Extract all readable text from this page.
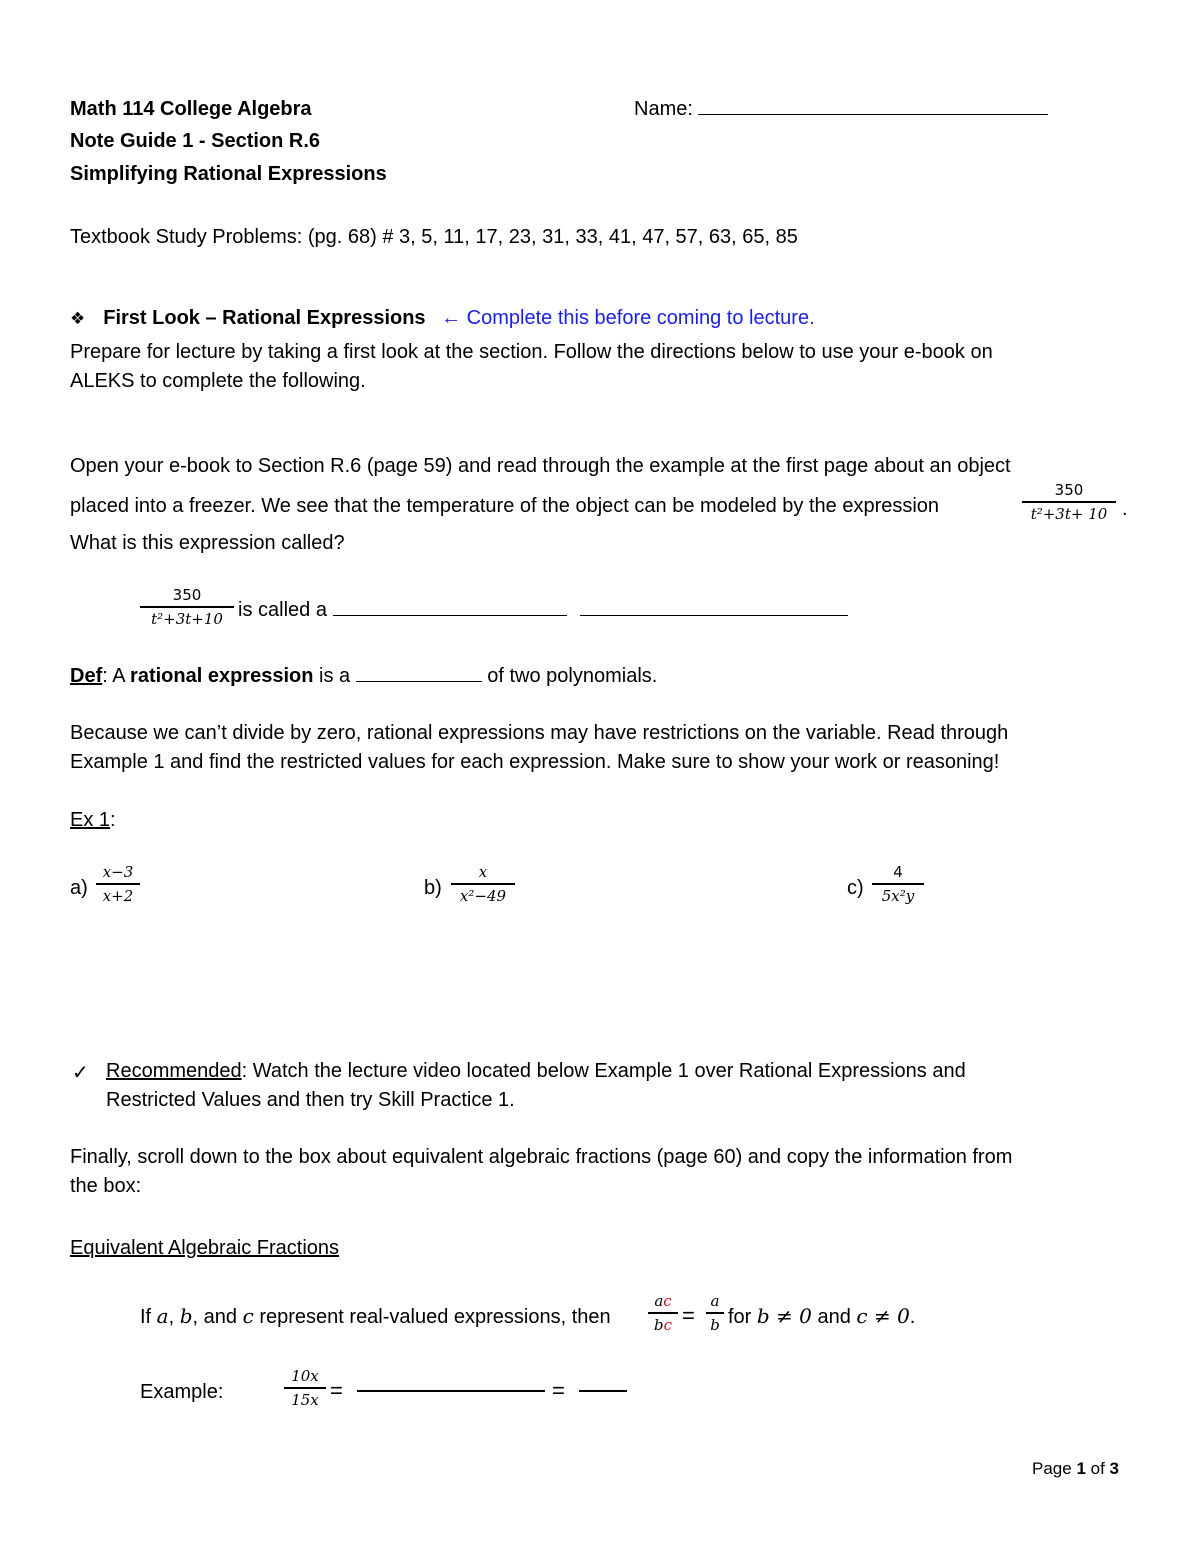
Math 114 College Algebra	Name:
Note Guide 1 - Section R.6
Simplifying Rational Expressions
Textbook Study Problems: (pg. 68) # 3, 5, 11, 17, 23, 31, 33, 41, 47, 57, 63, 65, 85
❖ First Look – Rational Expressions ← Complete this before coming to lecture.
Prepare for lecture by taking a first look at the section. Follow the directions below to use your e-book on
ALEKS to complete the following.
Open your e-book to Section R.6 (page 59) and read through the example at the first page about an object
placed into a freezer. We see that the temperature of the object can be modeled by the expression
350
t²+3t+ 10 .
What is this expression called?
350
t²+3t+10 is called a
Def: A rational expression is a	of two polynomials.
Because we can’t divide by zero, rational expressions may have restrictions on the variable. Read through
Example 1 and find the restricted values for each expression. Make sure to show your work or reasoning!
Ex 1:
a)
x−3
x+2	b)
x
x²−49	c)
4
5x²y
✓ Recommended: Watch the lecture video located below Example 1 over Rational Expressions and
Restricted Values and then try Skill Practice 1.
Finally, scroll down to the box about equivalent algebraic fractions (page 60) and copy the information from
the box:
Equivalent Algebraic Fractions
If a, b, and c represent real-valued expressions, then
ac
bc =
a
b for b ≠ 0 and c ≠ 0.
Example:
10x
15x =	=
Page 1 of 3
